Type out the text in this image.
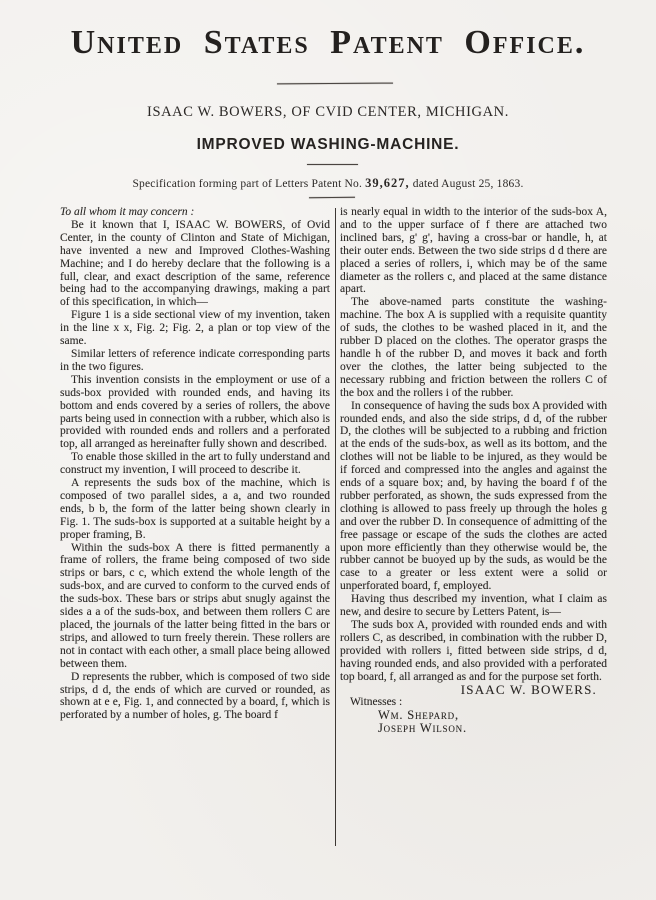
United States Patent Office.
ISAAC W. BOWERS, OF CVID CENTER, MICHIGAN.
IMPROVED WASHING-MACHINE.
Specification forming part of Letters Patent No. 39,627, dated August 25, 1863.

To all whom it may concern :

Be it known that I, ISAAC W. BOWERS, of Ovid Center, in the county of Clinton and State of Michigan, have invented a new and Improved Clothes-Washing Machine; and I do hereby declare that the following is a full, clear, and exact description of the same, reference being had to the accompanying drawings, making a part of this specification, in which—

Figure 1 is a side sectional view of my invention, taken in the line x x, Fig. 2; Fig. 2, a plan or top view of the same.

Similar letters of reference indicate corresponding parts in the two figures.

This invention consists in the employment or use of a suds-box provided with rounded ends, and having its bottom and ends covered by a series of rollers, the above parts being used in connection with a rubber, which also is provided with rounded ends and rollers and a perforated top, all arranged as hereinafter fully shown and described.

To enable those skilled in the art to fully understand and construct my invention, I will proceed to describe it.

A represents the suds box of the machine, which is composed of two parallel sides, a a, and two rounded ends, b b, the form of the latter being shown clearly in Fig. 1. The suds-box is supported at a suitable height by a proper framing, B.

Within the suds-box A there is fitted permanently a frame of rollers, the frame being composed of two side strips or bars, c c, which extend the whole length of the suds-box, and are curved to conform to the curved ends of the suds-box. These bars or strips abut snugly against the sides a a of the suds-box, and between them rollers C are placed, the journals of the latter being fitted in the bars or strips, and allowed to turn freely therein. These rollers are not in contact with each other, a small place being allowed between them.

D represents the rubber, which is composed of two side strips, d d, the ends of which are curved or rounded, as shown at e e, Fig. 1, and connected by a board, f, which is perforated by a number of holes, g. The board f

is nearly equal in width to the interior of the suds-box A, and to the upper surface of f there are attached two inclined bars, g' g', having a cross-bar or handle, h, at their outer ends. Between the two side strips d d there are placed a series of rollers, i, which may be of the same diameter as the rollers c, and placed at the same distance apart.

The above-named parts constitute the washing-machine. The box A is supplied with a requisite quantity of suds, the clothes to be washed placed in it, and the rubber D placed on the clothes. The operator grasps the handle h of the rubber D, and moves it back and forth over the clothes, the latter being subjected to the necessary rubbing and friction between the rollers C of the box and the rollers i of the rubber.

In consequence of having the suds box A provided with rounded ends, and also the side strips, d d, of the rubber D, the clothes will be subjected to a rubbing and friction at the ends of the suds-box, as well as its bottom, and the clothes will not be liable to be injured, as they would be if forced and compressed into the angles and against the ends of a square box; and, by having the board f of the rubber perforated, as shown, the suds expressed from the clothing is allowed to pass freely up through the holes g and over the rubber D. In consequence of admitting of the free passage or escape of the suds the clothes are acted upon more efficiently than they otherwise would be, the rubber cannot be buoyed up by the suds, as would be the case to a greater or less extent were a solid or unperforated board, f, employed.

Having thus described my invention, what I claim as new, and desire to secure by Letters Patent, is—

The suds box A, provided with rounded ends and with rollers C, as described, in combination with the rubber D, provided with rollers i, fitted between side strips, d d, having rounded ends, and also provided with a perforated top board, f, all arranged as and for the purpose set forth.

ISAAC W. BOWERS.

Witnesses :

Wm. Shepard,

Joseph Wilson.
